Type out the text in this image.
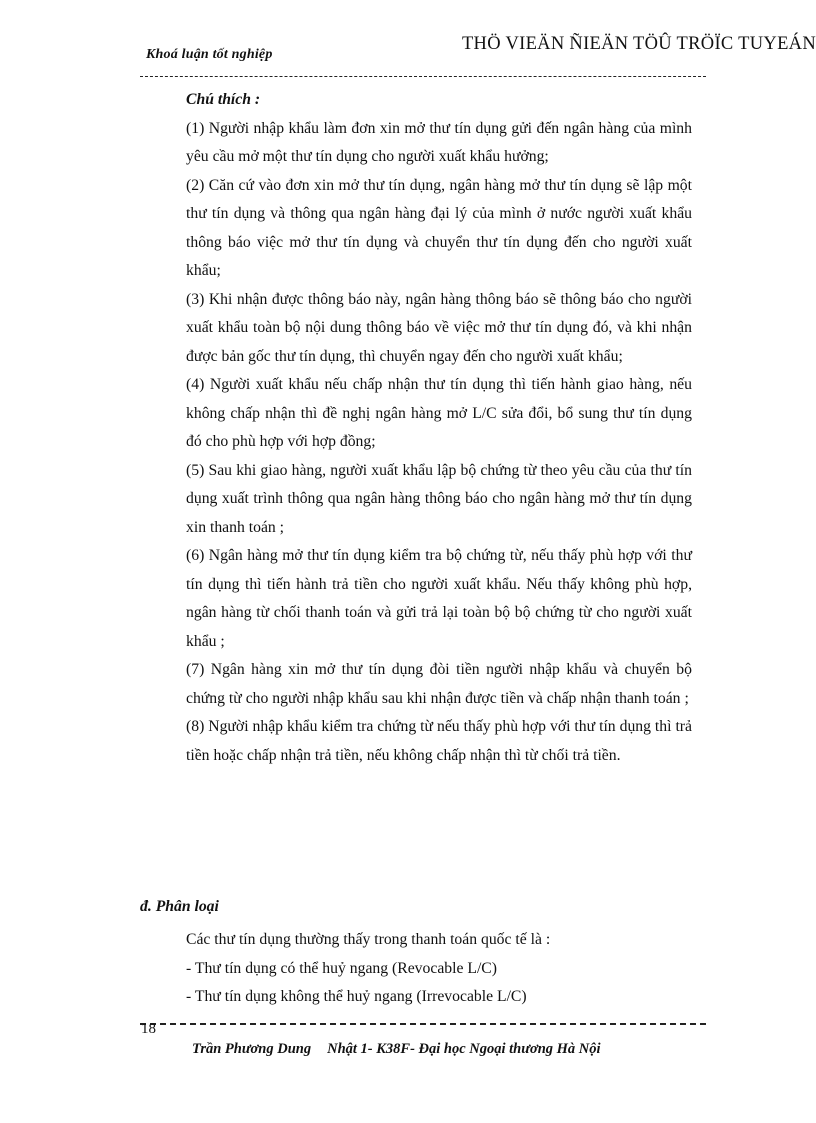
Khoá luận tốt nghiệp
THÖ VIEÄN ÑIEÄN TÖÛ TRÖÏC TUYEÁN

Chú thích :

(1) Người nhập khẩu làm đơn xin mở thư tín dụng gửi đến ngân hàng của mình yêu cầu mở một thư tín dụng cho người xuất khẩu hưởng;

(2) Căn cứ vào đơn xin mở thư tín dụng, ngân hàng mở thư tín dụng sẽ lập một thư tín dụng và thông qua ngân hàng đại lý của mình ở nước người xuất khẩu thông báo việc mở thư tín dụng và chuyển thư tín dụng đến cho người xuất khẩu;

(3) Khi nhận được thông báo này, ngân hàng thông báo sẽ thông báo cho người xuất khẩu toàn bộ nội dung thông báo về việc mở thư tín dụng đó, và khi nhận được bản gốc thư tín dụng, thì chuyển ngay đến cho người xuất khẩu;

(4) Người xuất khẩu nếu chấp nhận thư tín dụng thì tiến hành giao hàng, nếu không chấp nhận thì đề nghị ngân hàng mở L/C sửa đổi, bổ sung thư tín dụng đó cho phù hợp với hợp đồng;

(5) Sau khi giao hàng, người xuất khẩu lập bộ chứng từ theo yêu cầu của thư tín dụng xuất trình thông qua ngân hàng thông báo cho ngân hàng mở thư tín dụng xin thanh toán ;

(6) Ngân hàng mở thư tín dụng kiểm tra bộ chứng từ, nếu thấy phù hợp với thư tín dụng thì tiến hành trả tiền cho người xuất khẩu. Nếu thấy không phù hợp, ngân hàng từ chối thanh toán và gửi trả lại toàn bộ bộ chứng từ cho người xuất khẩu ;

(7) Ngân hàng xin mở thư tín dụng đòi tiền người nhập khẩu và chuyển bộ chứng từ cho người nhập khẩu sau khi nhận được tiền và chấp nhận thanh toán ;

(8) Người nhập khẩu kiểm tra chứng từ nếu thấy phù hợp với thư tín dụng thì trả tiền hoặc chấp nhận trả tiền, nếu không chấp nhận thì từ chối trả tiền.

đ. Phân loại

Các thư tín dụng thường thấy trong thanh toán quốc tế là :

- Thư tín dụng có thể huỷ ngang (Revocable L/C)

- Thư tín dụng không thể huỷ ngang (Irrevocable L/C)

18
Trần Phương Dung Nhật 1- K38F- Đại học Ngoại thương Hà Nội
